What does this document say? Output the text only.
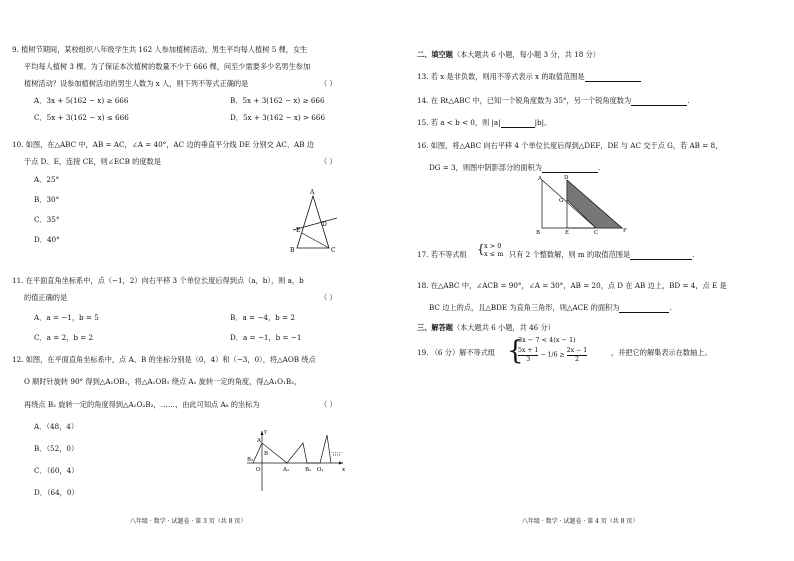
9. 植树节期间，某校组织八年级学生共 162 人参加植树活动，男生平均每人植树 5 棵，女生
平均每人植树 3 棵。为了保证本次植树的数量不少于 666 棵，问至少需要多少名男生参加
植树活动？设参加植树活动的男生人数为 x 人，则下列不等式正确的是	（ ）
A．3x + 5(162 − x) ≥ 666	B．5x + 3(162 − x) ≥ 666
C．5x + 3(162 − x) ≤ 666	D．5x + 3(162 − x) > 666
10. 如图，在△ABC 中，AB = AC，∠A = 40°，AC 边的垂直平分线 DE 分别交 AC、AB 边
于点 D、E，连接 CE，则∠ECB 的度数是	（ ）
A．25°
B．30°
C．35°
D．40°
A
E
D
B	C
11. 在平面直角坐标系中，点（−1，2）向右平移 3 个单位长度后得到点（a，b），则 a，b
的值正确的是	（ ）
A．a = −1，b = 5	B．a = −4，b = 2
C．a = 2，b = 2	D．a = −1，b = −1
12. 如图，在平面直角坐标系中，点 A、B 的坐标分别是（0，4）和（−3，0），将△AOB 绕点
O 顺时针旋转 90° 得到△A₁OB₁，将△A₁OB₁ 绕点 A₁ 旋转一定的角度，得△A₁O₁B₂，
再绕点 B₂ 旋转一定的角度得到△A₂O₂B₂，……，由此可知点 A₈ 的坐标为	（ ）
A．（48，4）
B．（52，0）
C．（60，4）
D．（64，0）
A
B
O	A₁	B₁ O₁
B₂
x
y
……
八年级 · 数学 · 试题卷 · 第 3 页（共 8 页）
二、填空题（本大题共 6 小题，每小题 3 分，共 18 分）
13. 若 x 是非负数，则用不等式表示 x 的取值范围是
14. 在 Rt△ABC 中，已知一个锐角度数为 35°，另一个锐角度数为	.
15. 若 a < b < 0，则 |a|	|b|。
16. 如图，将△ABC 向右平移 4 个单位长度后得到△DEF，DE 与 AC 交于点 G，若 AB = 8，
DG = 3，则图中阴影部分的面积为	.
A	D
G
B	E	C	F
17. 若不等式组 { x > 0
x ≤ m 只有 2 个整数解，则 m 的取值范围是	.
18. 在△ABC 中，∠ACB = 90°，∠A = 30°，AB = 20，点 D 在 AB 边上，BD = 4，点 E 是
BC 边上的点，且△BDE 为直角三角形，则△ACE 的面积为	.
三、解答题（本大题共 6 小题，共 46 分）
19. （6 分）解不等式组 {
3x − 7 < 4(x − 1)
$\frac{5x + 1}{3} - 1/6 \ge \frac{2x - 1}{2}$	，并把它的解集表示在数轴上。
八年级 · 数学 · 试题卷 · 第 4 页（共 8 页）
